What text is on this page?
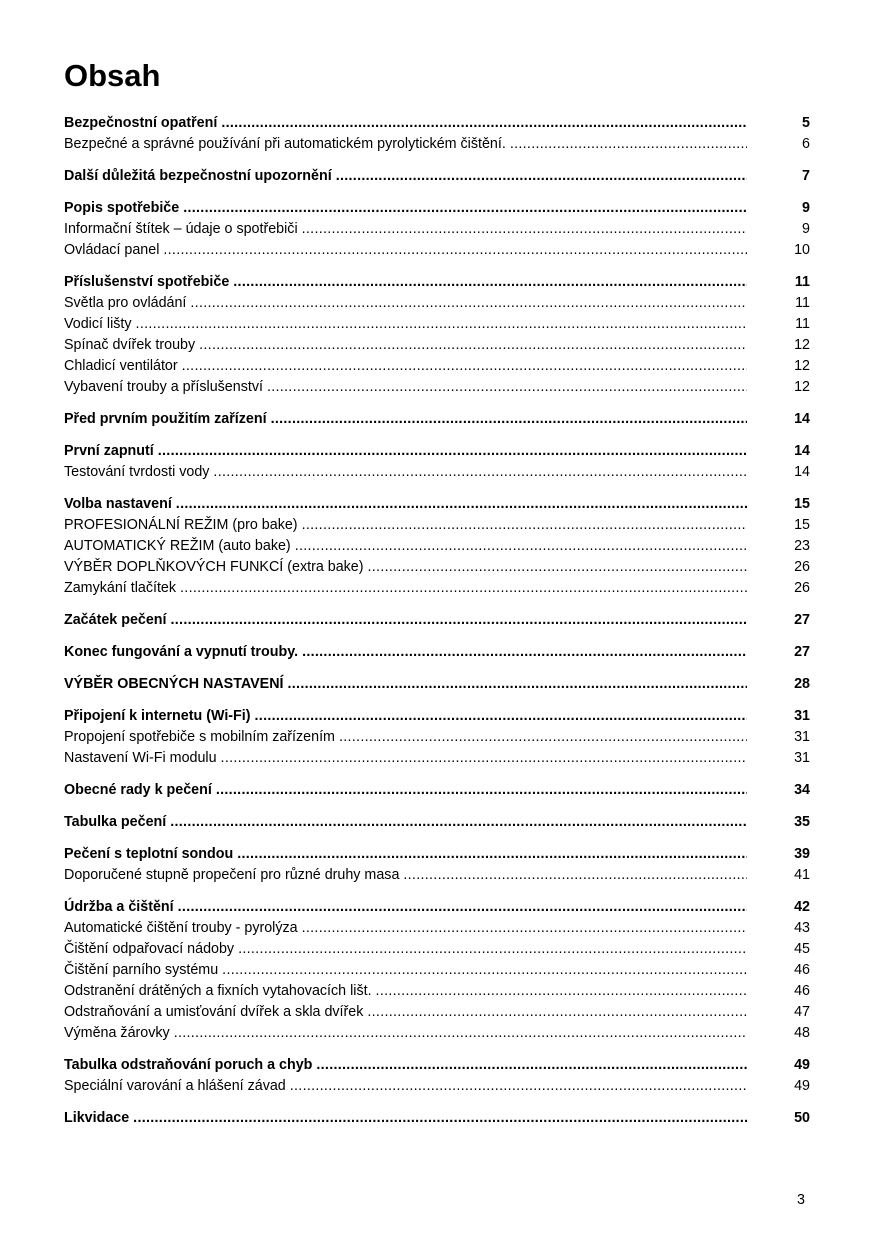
Obsah
Bezpečnostní opatření .....	5
Bezpečné a správné používání při automatickém pyrolytickém čištění. .....	6
Další důležitá bezpečnostní upozornění .....	7
Popis spotřebiče .....	9
Informační štítek – údaje o spotřebiči .....	9
Ovládací panel .....	10
Příslušenství spotřebiče .....	11
Světla pro ovládání .....	11
Vodicí lišty .....	11
Spínač dvířek trouby .....	12
Chladicí ventilátor .....	12
Vybavení trouby a příslušenství .....	12
Před prvním použitím zařízení .....	14
První zapnutí .....	14
Testování tvrdosti vody .....	14
Volba nastavení .....	15
PROFESIONÁLNÍ REŽIM (pro bake) .....	15
AUTOMATICKÝ REŽIM (auto bake) .....	23
VÝBĚR DOPLŇKOVÝCH FUNKCÍ (extra bake) .....	26
Zamykání tlačítek .....	26
Začátek pečení .....	27
Konec fungování a vypnutí trouby. .....	27
VÝBĚR OBECNÝCH NASTAVENÍ .....	28
Připojení k internetu (Wi-Fi) .....	31
Propojení spotřebiče s mobilním zařízením .....	31
Nastavení Wi-Fi modulu .....	31
Obecné rady k pečení .....	34
Tabulka pečení .....	35
Pečení s teplotní sondou .....	39
Doporučené stupně propečení pro různé druhy masa .....	41
Údržba a čištění .....	42
Automatické čištění trouby - pyrolýza .....	43
Čištění odpařovací nádoby .....	45
Čištění parního systému .....	46
Odstranění drátěných a fixních vytahovacích lišt. .....	46
Odstraňování a umisťování dvířek a skla dvířek .....	47
Výměna žárovky .....	48
Tabulka odstraňování poruch a chyb .....	49
Speciální varování a hlášení závad .....	49
Likvidace .....	50
3
